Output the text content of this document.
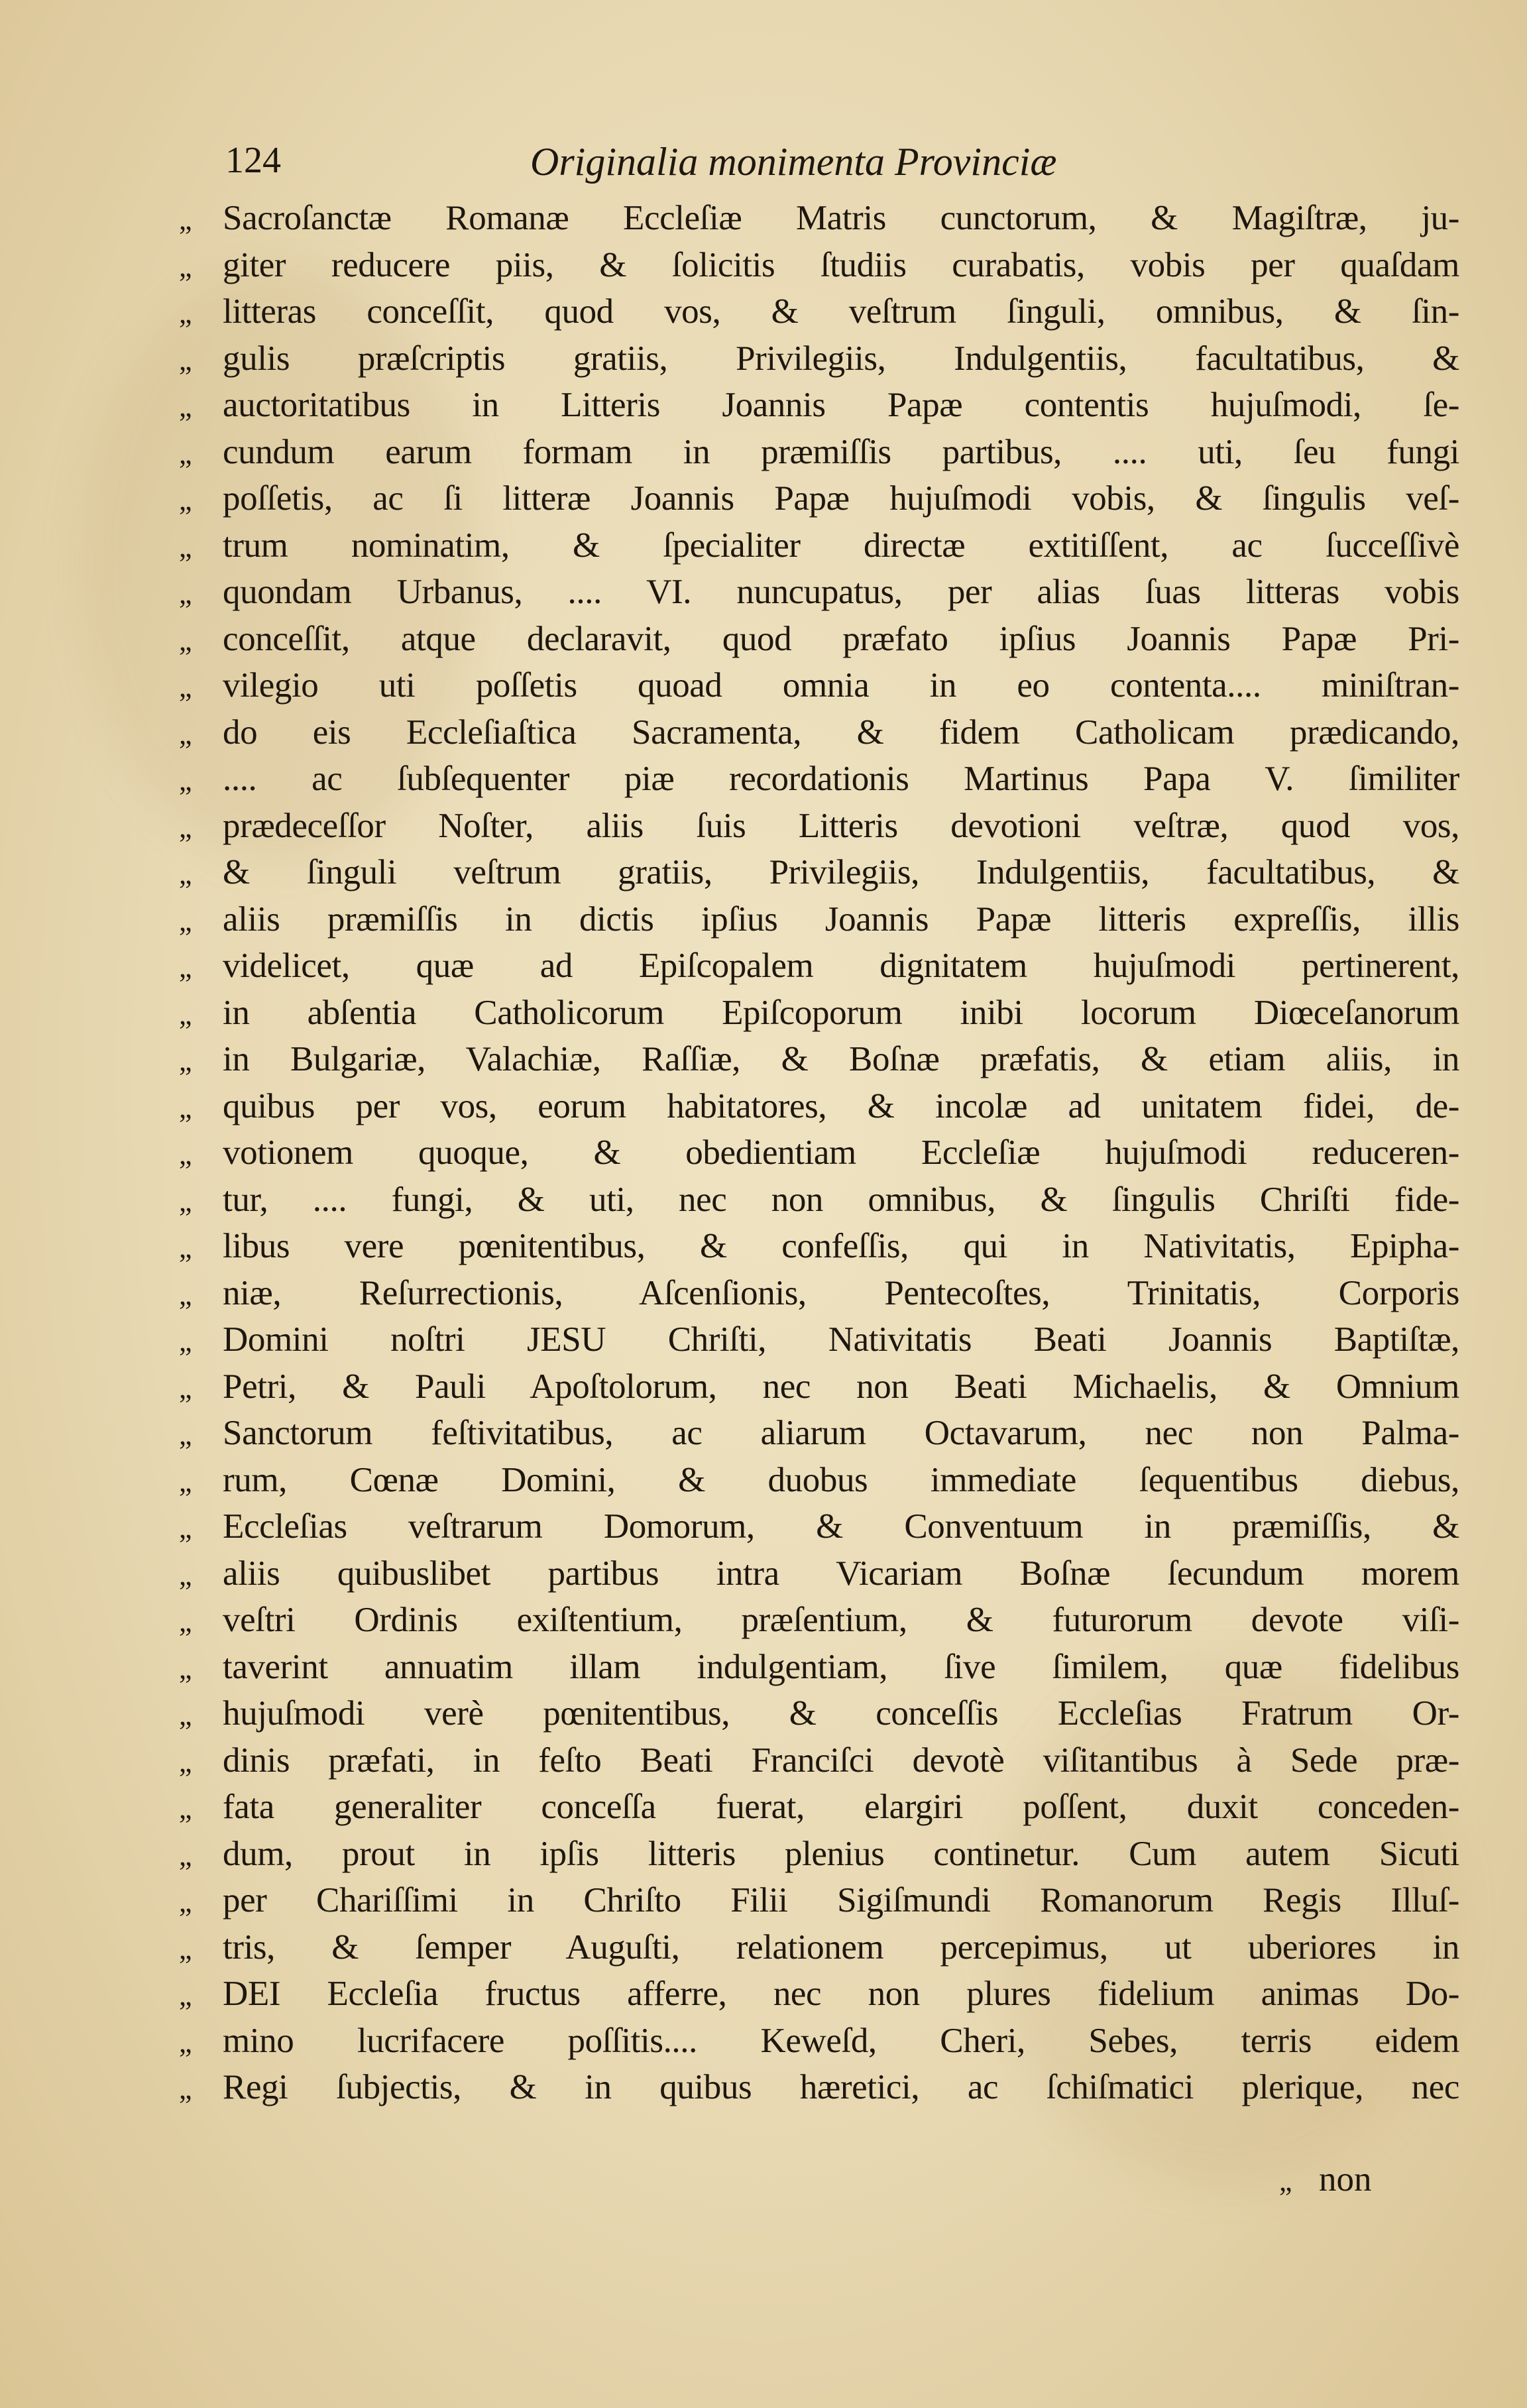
124	Originalia monimenta Provinciæ
„ Sacroſanctæ Romanæ Eccleſiæ Matris cunctorum, & Magiſtræ, ju-
„ giter reducere piis, & ſolicitis ſtudiis curabatis, vobis per quaſdam
„ litteras conceſſit, quod vos, & veſtrum ſinguli, omnibus, & ſin-
„ gulis præſcriptis gratiis, Privilegiis, Indulgentiis, facultatibus, &
„ auctoritatibus in Litteris Joannis Papæ contentis hujuſmodi, ſe-
„ cundum earum formam in præmiſſis partibus, .... uti, ſeu fungi
„ poſſetis, ac ſi litteræ Joannis Papæ hujuſmodi vobis, & ſingulis veſ-
„ trum nominatim, & ſpecialiter directæ extitiſſent, ac ſucceſſivè
„ quondam Urbanus, .... VI. nuncupatus, per alias ſuas litteras vobis
„ conceſſit, atque declaravit, quod præfato ipſius Joannis Papæ Pri-
„ vilegio uti poſſetis quoad omnia in eo contenta.... miniſtran-
„ do eis Eccleſiaſtica Sacramenta, & fidem Catholicam prædicando,
„ .... ac ſubſequenter piæ recordationis Martinus Papa V. ſimiliter
„ prædeceſſor Noſter, aliis ſuis Litteris devotioni veſtræ, quod vos,
„ & ſinguli veſtrum gratiis, Privilegiis, Indulgentiis, facultatibus, &
„ aliis præmiſſis in dictis ipſius Joannis Papæ litteris expreſſis, illis
„ videlicet, quæ ad Epiſcopalem dignitatem hujuſmodi pertinerent,
„ in abſentia Catholicorum Epiſcoporum inibi locorum Diœceſanorum
„ in Bulgariæ, Valachiæ, Raſſiæ, & Boſnæ præfatis, & etiam aliis, in
„ quibus per vos, eorum habitatores, & incolæ ad unitatem fidei, de-
„ votionem quoque, & obedientiam Eccleſiæ hujuſmodi reduceren-
„ tur, .... fungi, & uti, nec non omnibus, & ſingulis Chriſti fide-
„ libus vere pœnitentibus, & confeſſis, qui in Nativitatis, Epipha-
„ niæ, Reſurrectionis, Aſcenſionis, Pentecoſtes, Trinitatis, Corporis
„ Domini noſtri JESU Chriſti, Nativitatis Beati Joannis Baptiſtæ,
„ Petri, & Pauli Apoſtolorum, nec non Beati Michaelis, & Omnium
„ Sanctorum feſtivitatibus, ac aliarum Octavarum, nec non Palma-
„ rum, Cœnæ Domini, & duobus immediate ſequentibus diebus,
„ Eccleſias veſtrarum Domorum, & Conventuum in præmiſſis, &
„ aliis quibuslibet partibus intra Vicariam Boſnæ ſecundum morem
„ veſtri Ordinis exiſtentium, præſentium, & futurorum devote viſi-
„ taverint annuatim illam indulgentiam, ſive ſimilem, quæ fidelibus
„ hujuſmodi verè pœnitentibus, & conceſſis Eccleſias Fratrum Or-
„ dinis præfati, in feſto Beati Franciſci devotè viſitantibus à Sede præ-
„ fata generaliter conceſſa fuerat, elargiri poſſent, duxit conceden-
„ dum, prout in ipſis litteris plenius continetur. Cum autem Sicuti
„ per Chariſſimi in Chriſto Filii Sigiſmundi Romanorum Regis Illuſ-
„ tris, & ſemper Auguſti, relationem percepimus, ut uberiores in
„ DEI Eccleſia fructus afferre, nec non plures fidelium animas Do-
„ mino lucrifacere poſſitis.... Keweſd, Cheri, Sebes, terris eidem
„ Regi ſubjectis, & in quibus hæretici, ac ſchiſmatici plerique, nec
„ non
